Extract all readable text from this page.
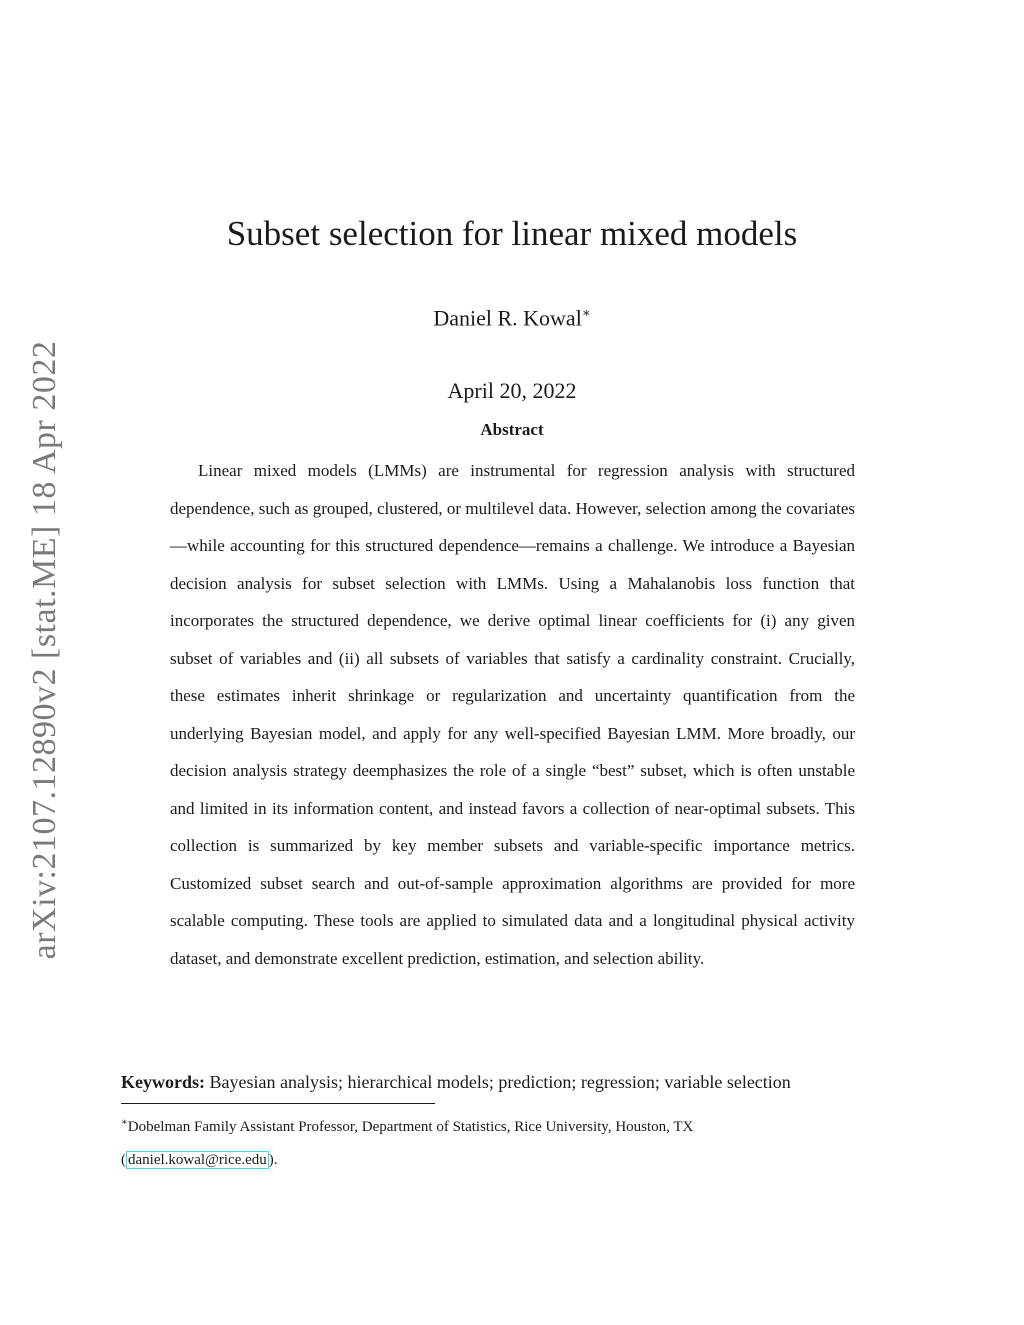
arXiv:2107.12890v2 [stat.ME] 18 Apr 2022
Subset selection for linear mixed models
Daniel R. Kowal∗
April 20, 2022
Abstract

Linear mixed models (LMMs) are instrumental for regression analysis with structured dependence, such as grouped, clustered, or multilevel data. However, selection among the covariates—while accounting for this structured dependence—remains a challenge. We introduce a Bayesian decision analysis for subset selection with LMMs. Using a Mahalanobis loss function that incorporates the structured dependence, we derive optimal linear coefficients for (i) any given subset of variables and (ii) all subsets of variables that satisfy a cardinality constraint. Crucially, these estimates inherit shrinkage or regularization and uncertainty quantification from the underlying Bayesian model, and apply for any well-specified Bayesian LMM. More broadly, our decision analysis strategy deemphasizes the role of a single “best” subset, which is often unstable and limited in its information content, and instead favors a collection of near-optimal subsets. This collection is summarized by key member subsets and variable-specific importance metrics. Customized subset search and out-of-sample approximation algorithms are provided for more scalable computing. These tools are applied to simulated data and a longitudinal physical activity dataset, and demonstrate excellent prediction, estimation, and selection ability.

Keywords: Bayesian analysis; hierarchical models; prediction; regression; variable selection
∗Dobelman Family Assistant Professor, Department of Statistics, Rice University, Houston, TX
( daniel.kowal@rice.edu ).
